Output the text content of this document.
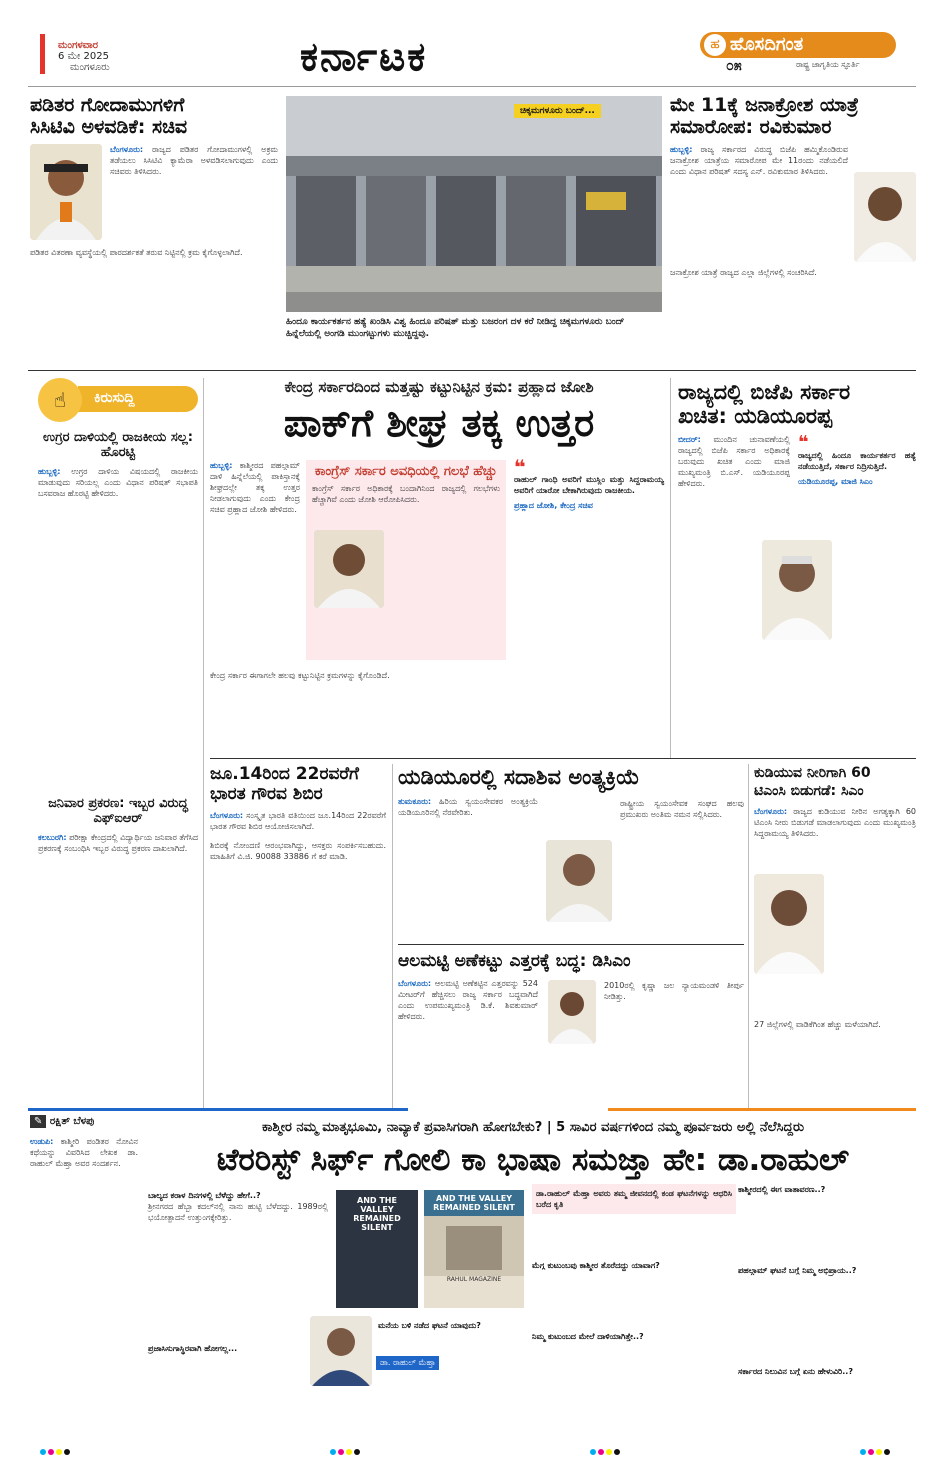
ಮಂಗಳವಾರ
6 ಮೇ 2025
ಮಂಗಳೂರು	ಕರ್ನಾಟಕ	ಹ ಹೊಸದಿಗಂತ
೦೫	ರಾಷ್ಟ್ರ ಜಾಗೃತಿಯ ಸ್ಫೂರ್ತಿ
ಪಡಿತರ ಗೋದಾಮುಗಳಿಗೆ
ಸಿಸಿಟಿವಿ ಅಳವಡಿಕೆ: ಸಚಿವ
ಬೆಂಗಳೂರು: ರಾಜ್ಯದ ಪಡಿತರ ಗೋದಾಮುಗಳಲ್ಲಿ ಅಕ್ರಮ ತಡೆಯಲು ಸಿಸಿಟಿವಿ ಕ್ಯಾಮೆರಾ ಅಳವಡಿಸಲಾಗುವುದು ಎಂದು ಸಚಿವರು ತಿಳಿಸಿದರು.
ಪಡಿತರ ವಿತರಣಾ ವ್ಯವಸ್ಥೆಯಲ್ಲಿ ಪಾರದರ್ಶಕತೆ ತರುವ ನಿಟ್ಟಿನಲ್ಲಿ ಕ್ರಮ ಕೈಗೊಳ್ಳಲಾಗಿದೆ.
ಚಿಕ್ಕಮಗಳೂರು ಬಂದ್...
ಹಿಂದೂ ಕಾರ್ಯಕರ್ತನ ಹತ್ಯೆ ಖಂಡಿಸಿ ವಿಶ್ವ ಹಿಂದೂ ಪರಿಷತ್ ಮತ್ತು ಬಜರಂಗ ದಳ ಕರೆ ನೀಡಿದ್ದ ಚಿಕ್ಕಮಗಳೂರು ಬಂದ್ ಹಿನ್ನೆಲೆಯಲ್ಲಿ ಅಂಗಡಿ ಮುಂಗಟ್ಟುಗಳು ಮುಚ್ಚಿದ್ದವು.
ಮೇ 11ಕ್ಕೆ ಜನಾಕ್ರೋಶ ಯಾತ್ರೆ
ಸಮಾರೋಪ: ರವಿಕುಮಾರ
ಹುಬ್ಬಳ್ಳಿ: ರಾಜ್ಯ ಸರ್ಕಾರದ ವಿರುದ್ಧ ಬಿಜೆಪಿ ಹಮ್ಮಿಕೊಂಡಿರುವ ಜನಾಕ್ರೋಶ ಯಾತ್ರೆಯ ಸಮಾರೋಪ ಮೇ 11ರಂದು ನಡೆಯಲಿದೆ ಎಂದು ವಿಧಾನ ಪರಿಷತ್ ಸದಸ್ಯ ಎನ್. ರವಿಕುಮಾರ ತಿಳಿಸಿದರು.
ಜನಾಕ್ರೋಶ ಯಾತ್ರೆ ರಾಜ್ಯದ ಎಲ್ಲಾ ಜಿಲ್ಲೆಗಳಲ್ಲಿ ಸಂಚರಿಸಿದೆ.
ಕಿರುಸುದ್ದಿ
☝
ಉಗ್ರರ ದಾಳಿಯಲ್ಲಿ ರಾಜಕೀಯ ಸಲ್ಲ: ಹೊರಟ್ಟಿ
ಹುಬ್ಬಳ್ಳಿ: ಉಗ್ರರ ದಾಳಿಯ ವಿಷಯದಲ್ಲಿ ರಾಜಕೀಯ ಮಾಡುವುದು ಸರಿಯಲ್ಲ ಎಂದು ವಿಧಾನ ಪರಿಷತ್ ಸಭಾಪತಿ ಬಸವರಾಜ ಹೊರಟ್ಟಿ ಹೇಳಿದರು.
ಜನಿವಾರ ಪ್ರಕರಣ: ಇಬ್ಬರ ವಿರುದ್ಧ ಎಫ್ಐಆರ್
ಕಲಬುರಗಿ: ಪರೀಕ್ಷಾ ಕೇಂದ್ರದಲ್ಲಿ ವಿದ್ಯಾರ್ಥಿಯ ಜನಿವಾರ ತೆಗೆಸಿದ ಪ್ರಕರಣಕ್ಕೆ ಸಂಬಂಧಿಸಿ ಇಬ್ಬರ ವಿರುದ್ಧ ಪ್ರಕರಣ ದಾಖಲಾಗಿದೆ.
ಕೇಂದ್ರ ಸರ್ಕಾರದಿಂದ ಮತ್ತಷ್ಟು ಕಟ್ಟುನಿಟ್ಟಿನ ಕ್ರಮ: ಪ್ರಹ್ಲಾದ ಜೋಶಿ
ಪಾಕ್‌ಗೆ ಶೀಘ್ರ ತಕ್ಕ ಉತ್ತರ
ಹುಬ್ಬಳ್ಳಿ: ಕಾಶ್ಮೀರದ ಪಹಲ್ಗಾಮ್ ದಾಳಿ ಹಿನ್ನೆಲೆಯಲ್ಲಿ ಪಾಕಿಸ್ತಾನಕ್ಕೆ ಶೀಘ್ರದಲ್ಲೇ ತಕ್ಕ ಉತ್ತರ ನೀಡಲಾಗುವುದು ಎಂದು ಕೇಂದ್ರ ಸಚಿವ ಪ್ರಹ್ಲಾದ ಜೋಶಿ ಹೇಳಿದರು.
ಕಾಂಗ್ರೆಸ್ ಸರ್ಕಾರ ಅವಧಿಯಲ್ಲಿ ಗಲಭೆ ಹೆಚ್ಚು
ಕಾಂಗ್ರೆಸ್ ಸರ್ಕಾರ ಅಧಿಕಾರಕ್ಕೆ ಬಂದಾಗಿನಿಂದ ರಾಜ್ಯದಲ್ಲಿ ಗಲಭೆಗಳು ಹೆಚ್ಚಾಗಿವೆ ಎಂದು ಜೋಶಿ ಆರೋಪಿಸಿದರು.
❝
ರಾಹುಲ್ ಗಾಂಧಿ ಅವರಿಗೆ ಮುಸ್ಲಿಂ ಮತ್ತು ಸಿದ್ದರಾಮಯ್ಯ ಅವರಿಗೆ ಯಾರೋ ಬೇಕಾಗಿರುವುದು ರಾಜಕೀಯ.
ಪ್ರಹ್ಲಾದ ಜೋಶಿ, ಕೇಂದ್ರ ಸಚಿವ
ಕೇಂದ್ರ ಸರ್ಕಾರ ಈಗಾಗಲೇ ಹಲವು ಕಟ್ಟುನಿಟ್ಟಿನ ಕ್ರಮಗಳನ್ನು ಕೈಗೊಂಡಿದೆ.
ರಾಜ್ಯದಲ್ಲಿ ಬಿಜೆಪಿ ಸರ್ಕಾರ
ಖಚಿತ: ಯಡಿಯೂರಪ್ಪ
ಬೀದರ್: ಮುಂದಿನ ಚುನಾವಣೆಯಲ್ಲಿ ರಾಜ್ಯದಲ್ಲಿ ಬಿಜೆಪಿ ಸರ್ಕಾರ ಅಧಿಕಾರಕ್ಕೆ ಬರುವುದು ಖಚಿತ ಎಂದು ಮಾಜಿ ಮುಖ್ಯಮಂತ್ರಿ ಬಿ.ಎಸ್. ಯಡಿಯೂರಪ್ಪ ಹೇಳಿದರು.
❝
ರಾಜ್ಯದಲ್ಲಿ ಹಿಂದೂ ಕಾರ್ಯಕರ್ತರ ಹತ್ಯೆ ನಡೆಯುತ್ತಿದೆ, ಸರ್ಕಾರ ನಿದ್ರಿಸುತ್ತಿದೆ.
ಯಡಿಯೂರಪ್ಪ, ಮಾಜಿ ಸಿಎಂ
ಜೂ.14ರಿಂದ 22ರವರೆಗೆ
ಭಾರತ ಗೌರವ ಶಿಬಿರ
ಬೆಂಗಳೂರು: ಸಂಸ್ಕೃತ ಭಾರತಿ ವತಿಯಿಂದ ಜೂ.14ರಿಂದ 22ರವರೆಗೆ ಭಾರತ ಗೌರವ ಶಿಬಿರ ಆಯೋಜಿಸಲಾಗಿದೆ.
ಶಿಬಿರಕ್ಕೆ ನೋಂದಣಿ ಆರಂಭವಾಗಿದ್ದು, ಆಸಕ್ತರು ಸಂಪರ್ಕಿಸಬಹುದು. ಮಾಹಿತಿಗೆ ವಿ.ಜಿ. 90088 33886 ಗೆ ಕರೆ ಮಾಡಿ.
ಯಡಿಯೂರಲ್ಲಿ ಸದಾಶಿವ ಅಂತ್ಯಕ್ರಿಯೆ
ತುಮಕೂರು: ಹಿರಿಯ ಸ್ವಯಂಸೇವಕರ ಅಂತ್ಯಕ್ರಿಯೆ ಯಡಿಯೂರಿನಲ್ಲಿ ನೆರವೇರಿತು.
ರಾಷ್ಟ್ರೀಯ ಸ್ವಯಂಸೇವಕ ಸಂಘದ ಹಲವು ಪ್ರಮುಖರು ಅಂತಿಮ ನಮನ ಸಲ್ಲಿಸಿದರು.
ಕುಡಿಯುವ ನೀರಿಗಾಗಿ 60
ಟಿಎಂಸಿ ಬಿಡುಗಡೆ: ಸಿಎಂ
ಬೆಂಗಳೂರು: ರಾಜ್ಯದ ಕುಡಿಯುವ ನೀರಿನ ಅಗತ್ಯಕ್ಕಾಗಿ 60 ಟಿಎಂಸಿ ನೀರು ಬಿಡುಗಡೆ ಮಾಡಲಾಗುವುದು ಎಂದು ಮುಖ್ಯಮಂತ್ರಿ ಸಿದ್ದರಾಮಯ್ಯ ತಿಳಿಸಿದರು.
27 ಜಿಲ್ಲೆಗಳಲ್ಲಿ ವಾಡಿಕೆಗಿಂತ ಹೆಚ್ಚು ಮಳೆಯಾಗಿದೆ.
ಆಲಮಟ್ಟಿ ಅಣೆಕಟ್ಟು ಎತ್ತರಕ್ಕೆ ಬದ್ಧ: ಡಿಸಿಎಂ
ಬೆಂಗಳೂರು: ಆಲಮಟ್ಟಿ ಅಣೆಕಟ್ಟಿನ ಎತ್ತರವನ್ನು 524 ಮೀಟರ್‌ಗೆ ಹೆಚ್ಚಿಸಲು ರಾಜ್ಯ ಸರ್ಕಾರ ಬದ್ಧವಾಗಿದೆ ಎಂದು ಉಪಮುಖ್ಯಮಂತ್ರಿ ಡಿ.ಕೆ. ಶಿವಕುಮಾರ್ ಹೇಳಿದರು.
2010ರಲ್ಲಿ ಕೃಷ್ಣಾ ಜಲ ನ್ಯಾಯಮಂಡಳಿ ತೀರ್ಪು ನೀಡಿತ್ತು.
✎ ರಕ್ಷಿತ್ ಬೆಳಪು	ಕಾಶ್ಮೀರ ನಮ್ಮ ಮಾತೃಭೂಮಿ, ನಾವ್ಯಾಕೆ ಪ್ರವಾಸಿಗರಾಗಿ ಹೋಗಬೇಕು? | 5 ಸಾವಿರ ವರ್ಷಗಳಿಂದ ನಮ್ಮ ಪೂರ್ವಜರು ಅಲ್ಲಿ ನೆಲೆಸಿದ್ದರು
ಟೆರರಿಸ್ಟ್ ಸಿರ್ಫ್ ಗೋಲಿ ಕಾ ಭಾಷಾ ಸಮಜ್ತಾ ಹೇ: ಡಾ.ರಾಹುಲ್
ಉಡುಪಿ: ಕಾಶ್ಮೀರಿ ಪಂಡಿತರ ನೋವಿನ ಕಥೆಯನ್ನು ವಿವರಿಸಿದ ಲೇಖಕ ಡಾ. ರಾಹುಲ್ ಮೆಹ್ತಾ ಅವರ ಸಂದರ್ಶನ.
ಬಾಲ್ಯದ ಕರಾಳ ದಿನಗಳಲ್ಲಿ ಬೆಳೆದ್ದು ಹೇಗೆ..?
ಶ್ರೀನಗರದ ಹೆಬ್ಬಾ ಕದಲ್‌ನಲ್ಲಿ ನಾನು ಹುಟ್ಟಿ ಬೆಳೆದದ್ದು. 1989ರಲ್ಲಿ ಭಯೋತ್ಪಾದನೆ ಉತ್ತುಂಗಕ್ಕೇರಿತ್ತು.
ಪ್ರಜಾಸಿಸುಗಾಸ್ಥಿರವಾಗಿ ಹೋಗಲ್ಲ...
AND THE VALLEY REMAINED SILENT
AND THE VALLEY REMAINED SILENT
RAHUL MAGAZINE
ಡಾ. ರಾಹುಲ್ ಮೆಹ್ತಾ
ಡಾ.ರಾಹುಲ್ ಮೆಹ್ತಾ ಅವರು ತಮ್ಮ ಜೀವನದಲ್ಲಿ ಕಂಡ ಘಟನೆಗಳನ್ನು ಆಧರಿಸಿ ಬರೆದ ಕೃತಿ
ಮೆಗ್ಗ ಕುಟುಂಬವು ಕಾಶ್ಮೀರ ತೊರೆದದ್ದು ಯಾವಾಗ?
ನಿಮ್ಮ ಕುಟುಂಬದ ಮೇಲೆ ದಾಳಿಯಾಗಿತ್ತೇ..?
ಮನೆಯ ಬಳಿ ನಡೆದ ಘಟನೆ ಯಾವುದು?
ಕಾಶ್ಮೀರದಲ್ಲಿ ಈಗ ವಾತಾವರಣ..?
ಪಹಲ್ಗಾಮ್ ಘಟನೆ ಬಗ್ಗೆ ನಿಮ್ಮ ಅಭಿಪ್ರಾಯ..?
ಸರ್ಕಾರದ ನಿಲುವಿನ ಬಗ್ಗೆ ಏನು ಹೇಳುವಿರಿ..?
